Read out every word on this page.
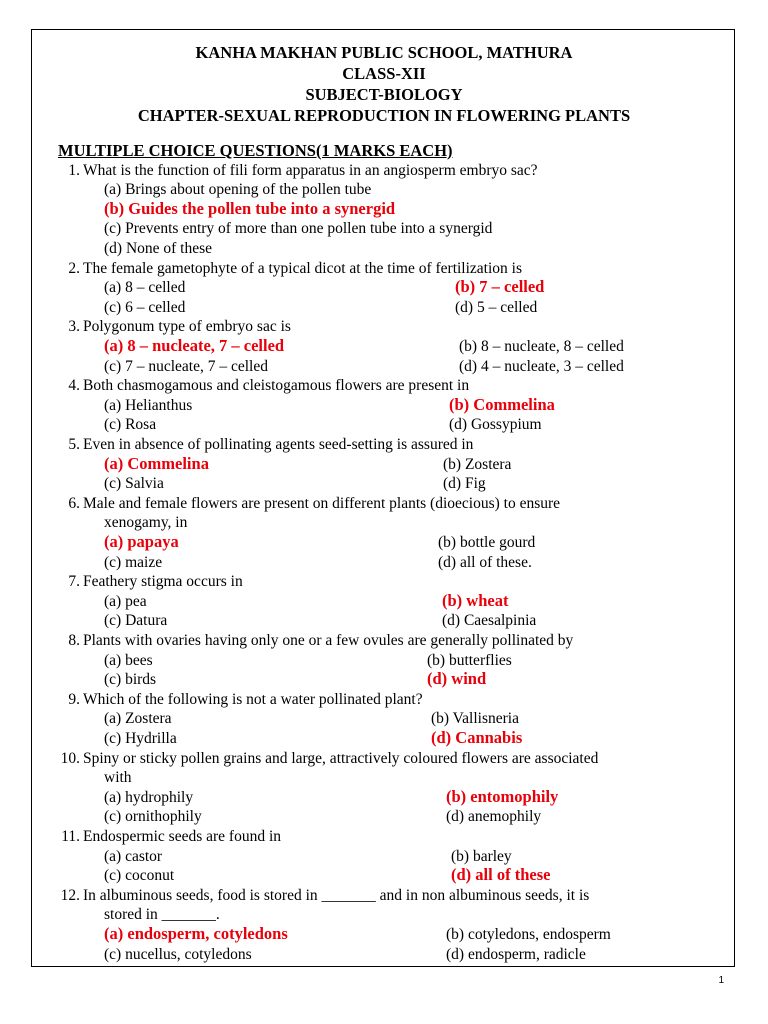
KANHA MAKHAN PUBLIC SCHOOL, MATHURA
CLASS-XII
SUBJECT-BIOLOGY
CHAPTER-SEXUAL REPRODUCTION IN FLOWERING PLANTS
MULTIPLE CHOICE QUESTIONS(1 MARKS EACH)
1. What is the function of fili form apparatus in an angiosperm embryo sac?
(a) Brings about opening of the pollen tube
(b) Guides the pollen tube into a synergid
(c) Prevents entry of more than one pollen tube into a synergid
(d) None of these
2. The female gametophyte of a typical dicot at the time of fertilization is
(a) 8 – celled	(b) 7 – celled
(c) 6 – celled	(d) 5 – celled
3. Polygonum type of embryo sac is
(a) 8 – nucleate, 7 – celled	(b) 8 – nucleate, 8 – celled
(c) 7 – nucleate, 7 – celled	(d) 4 – nucleate, 3 – celled
4. Both chasmogamous and cleistogamous flowers are present in
(a) Helianthus	(b) Commelina
(c) Rosa	(d) Gossypium
5. Even in absence of pollinating agents seed-setting is assured in
(a) Commelina	(b) Zostera
(c) Salvia	(d) Fig
6. Male and female flowers are present on different plants (dioecious) to ensure
xenogamy, in
(a) papaya	(b) bottle gourd
(c) maize	(d) all of these.
7. Feathery stigma occurs in
(a) pea	(b) wheat
(c) Datura	(d) Caesalpinia
8. Plants with ovaries having only one or a few ovules are generally pollinated by
(a) bees	(b) butterflies
(c) birds	(d) wind
9. Which of the following is not a water pollinated plant?
(a) Zostera	(b) Vallisneria
(c) Hydrilla	(d) Cannabis
10. Spiny or sticky pollen grains and large, attractively coloured flowers are associated
with
(a) hydrophily	(b) entomophily
(c) ornithophily	(d) anemophily
11. Endospermic seeds are found in
(a) castor	(b) barley
(c) coconut	(d) all of these
12. In albuminous seeds, food is stored in _______ and in non albuminous seeds, it is
stored in _______.
(a) endosperm, cotyledons	(b) cotyledons, endosperm
(c) nucellus, cotyledons	(d) endosperm, radicle
1
